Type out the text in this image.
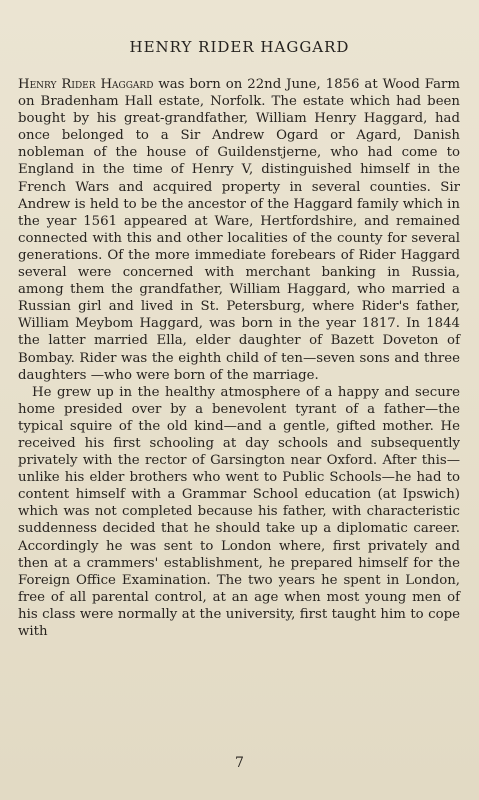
HENRY RIDER HAGGARD

Henry Rider Haggard was born on 22nd June, 1856 at Wood Farm on Bradenham Hall estate, Norfolk. The estate which had been bought by his great-grandfather, William Henry Haggard, had once belonged to a Sir Andrew Ogard or Agard, Danish nobleman of the house of Guildenstjerne, who had come to England in the time of Henry V, distinguished himself in the French Wars and acquired property in several counties. Sir Andrew is held to be the ancestor of the Haggard family which in the year 1561 appeared at Ware, Hertfordshire, and remained connected with this and other localities of the county for several generations. Of the more immediate forebears of Rider Haggard several were concerned with merchant banking in Russia, among them the grandfather, William Haggard, who married a Russian girl and lived in St. Petersburg, where Rider's father, William Meybom Haggard, was born in the year 1817. In 1844 the latter married Ella, elder daughter of Bazett Doveton of Bombay. Rider was the eighth child of ten—seven sons and three daughters —who were born of the marriage.

He grew up in the healthy atmosphere of a happy and secure home presided over by a benevolent tyrant of a father—the typical squire of the old kind—and a gentle, gifted mother. He received his first schooling at day schools and subsequently privately with the rector of Garsington near Oxford. After this—unlike his elder brothers who went to Public Schools—he had to content himself with a Grammar School education (at Ipswich) which was not completed because his father, with characteristic suddenness decided that he should take up a diplomatic career. Accordingly he was sent to London where, first privately and then at a crammers' establishment, he prepared himself for the Foreign Office Examination. The two years he spent in London, free of all parental control, at an age when most young men of his class were normally at the university, first taught him to cope with

7
